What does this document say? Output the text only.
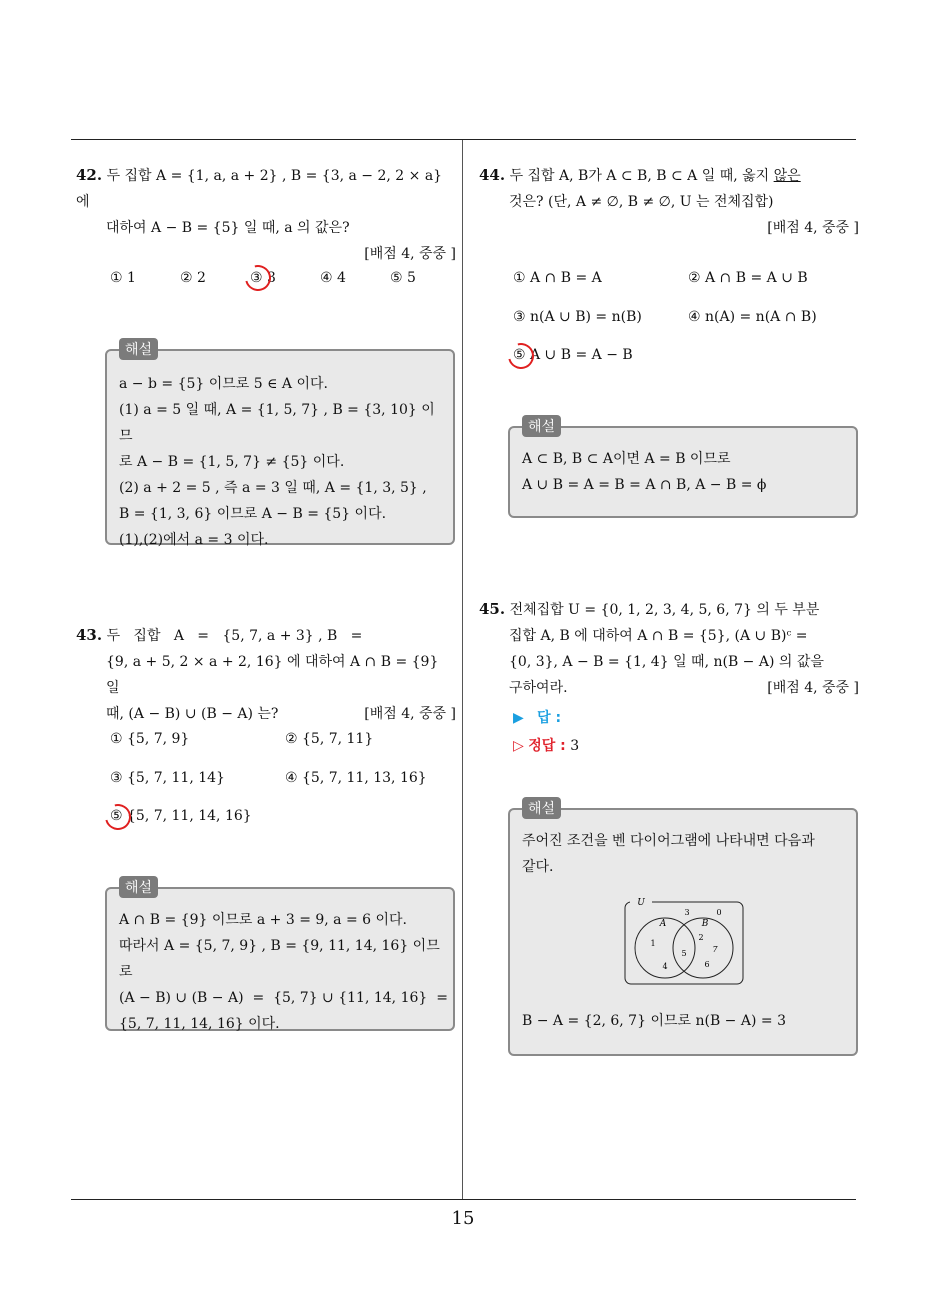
15
42. 두 집합 A = {1, a, a + 2} , B = {3, a − 2, 2 × a} 에
대하여 A − B = {5} 일 때, a 의 값은?
[배점 4, 중중 ]
① 1	② 2	③ 3	④ 4	⑤ 5
해설
a − b = {5} 이므로 5 ∈ A 이다.
(1) a = 5 일 때, A = {1, 5, 7} , B = {3, 10} 이므
로 A − B = {1, 5, 7} ≠ {5} 이다.
(2) a + 2 = 5 , 즉 a = 3 일 때, A = {1, 3, 5} ,
B = {1, 3, 6} 이므로 A − B = {5} 이다.
(1),(2)에서 a = 3 이다.
43. 두   집합   A   =   {5, 7, a + 3} , B   =
{9, a + 5, 2 × a + 2, 16} 에 대하여 A ∩ B = {9} 일
때, (A − B) ∪ (B − A) 는?	[배점 4, 중중 ]
① {5, 7, 9}	② {5, 7, 11}
③ {5, 7, 11, 14}	④ {5, 7, 11, 13, 16}
⑤ {5, 7, 11, 14, 16}
해설
A ∩ B = {9} 이므로 a + 3 = 9, a = 6 이다.
따라서 A = {5, 7, 9} , B = {9, 11, 14, 16} 이므로
(A − B) ∪ (B − A)  =  {5, 7} ∪ {11, 14, 16}  =
{5, 7, 11, 14, 16} 이다.
44. 두 집합 A, B가 A ⊂ B, B ⊂ A 일 때, 옳지 않은
것은? (단, A ≠ ∅, B ≠ ∅, U 는 전체집합)
[배점 4, 중중 ]
① A ∩ B = A	② A ∩ B = A ∪ B
③ n(A ∪ B) = n(B)	④ n(A) = n(A ∩ B)
⑤ A ∪ B = A − B
해설
A ⊂ B, B ⊂ A이면 A = B 이므로
A ∪ B = A = B = A ∩ B, A − B = ϕ
45. 전체집합 U = {0, 1, 2, 3, 4, 5, 6, 7} 의 두 부분
집합 A, B 에 대하여 A ∩ B = {5}, (A ∪ B)ᶜ =
{0, 3}, A − B = {1, 4} 일 때, n(B − A) 의 값을
구하여라.	[배점 4, 중중 ]
▶ 답 :
▷ 정답 : 3
해설
주어진 조건을 벤 다이어그램에 나타내면 다음과
같다.
U
A	B
3	0
1
4
5
2
7
6
B − A = {2, 6, 7} 이므로 n(B − A) = 3
